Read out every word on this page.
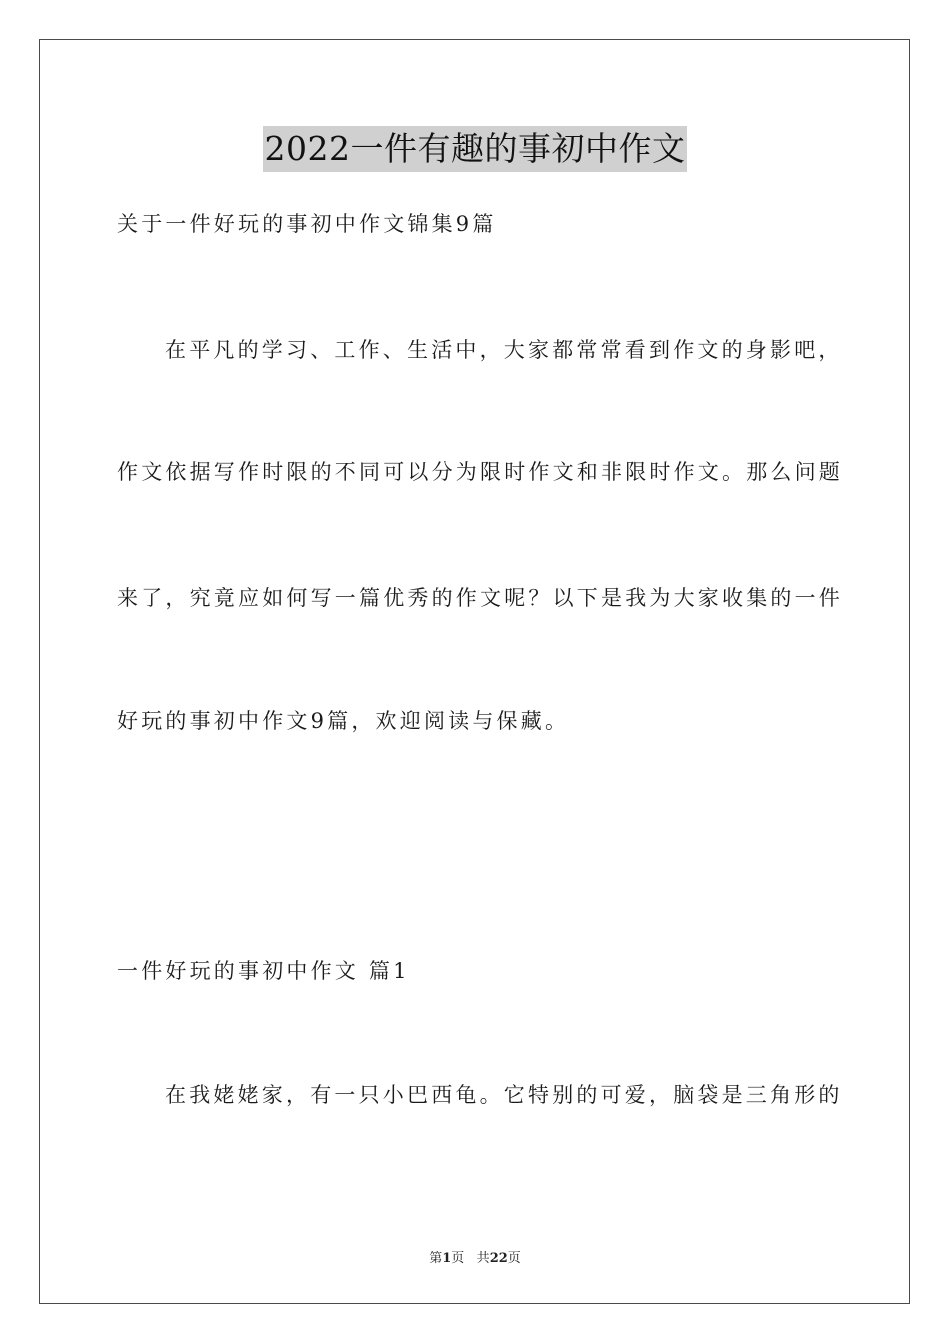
2022一件有趣的事初中作文
关于一件好玩的事初中作文锦集9篇
在平凡的学习、工作、生活中，大家都常常看到作文的身影吧，
作文依据写作时限的不同可以分为限时作文和非限时作文。那么问题
来了，究竟应如何写一篇优秀的作文呢？以下是我为大家收集的一件
好玩的事初中作文9篇，欢迎阅读与保藏。
一件好玩的事初中作文 篇1
在我姥姥家，有一只小巴西龟。它特别的可爱，脑袋是三角形的
第1页 共22页
